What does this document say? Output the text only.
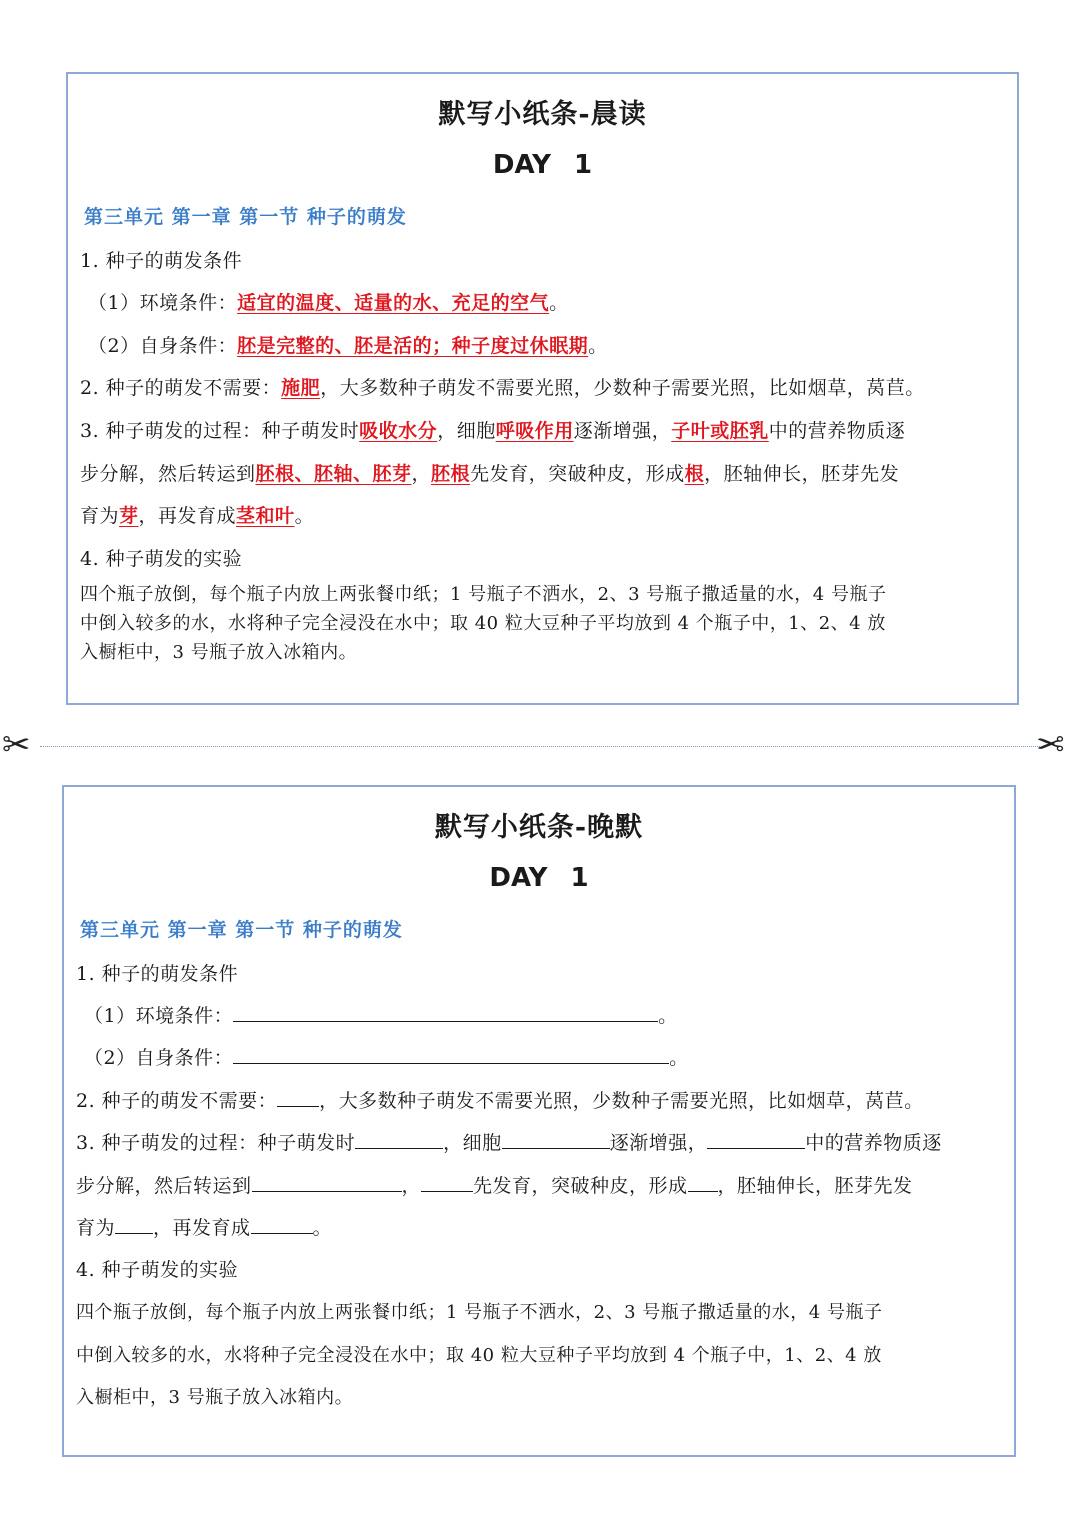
默写小纸条-晨读
DAY 1
第三单元 第一章 第一节 种子的萌发
1. 种子的萌发条件
（1）环境条件：适宜的温度、适量的水、充足的空气。
（2）自身条件：胚是完整的、胚是活的；种子度过休眠期。
2. 种子的萌发不需要：施肥，大多数种子萌发不需要光照，少数种子需要光照，比如烟草，莴苣。
3. 种子萌发的过程：种子萌发时吸收水分，细胞呼吸作用逐渐增强，子叶或胚乳中的营养物质逐
步分解，然后转运到胚根、胚轴、胚芽，胚根先发育，突破种皮，形成根，胚轴伸长，胚芽先发
育为芽，再发育成茎和叶。
4. 种子萌发的实验
四个瓶子放倒，每个瓶子内放上两张餐巾纸；1 号瓶子不洒水，2、3 号瓶子撒适量的水，4 号瓶子
中倒入较多的水，水将种子完全浸没在水中；取 40 粒大豆种子平均放到 4 个瓶子中，1、2、4 放
入橱柜中，3 号瓶子放入冰箱内。
✂	✂
默写小纸条-晚默
DAY 1
第三单元 第一章 第一节 种子的萌发
1. 种子的萌发条件
（1）环境条件：	。
（2）自身条件：	。
2. 种子的萌发不需要： ，大多数种子萌发不需要光照，少数种子需要光照，比如烟草，莴苣。
3. 种子萌发的过程：种子萌发时	，细胞	逐渐增强，	中的营养物质逐
步分解，然后转运到	，	先发育，突破种皮，形成 ，胚轴伸长，胚芽先发
育为 ，再发育成	。
4. 种子萌发的实验
四个瓶子放倒，每个瓶子内放上两张餐巾纸；1 号瓶子不洒水，2、3 号瓶子撒适量的水，4 号瓶子
中倒入较多的水，水将种子完全浸没在水中；取 40 粒大豆种子平均放到 4 个瓶子中，1、2、4 放
入橱柜中，3 号瓶子放入冰箱内。
